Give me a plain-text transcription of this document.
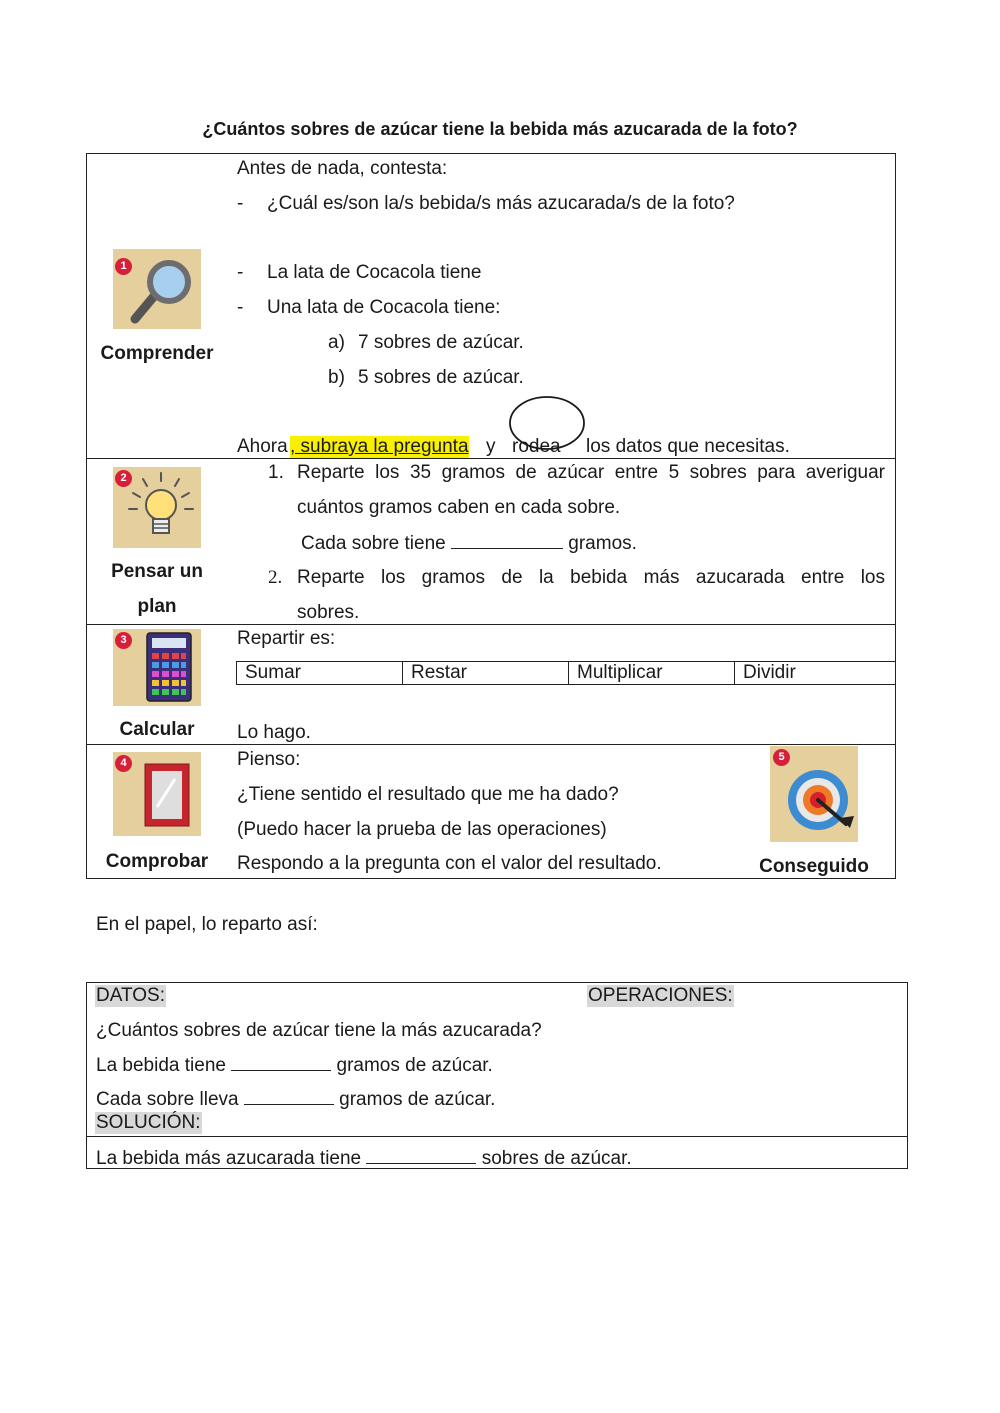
¿Cuántos sobres de azúcar tiene la bebida más azucarada de la foto?
1
Comprender
Antes de nada, contesta:
- ¿Cuál es/son la/s bebida/s más azucarada/s de la foto?
- La lata de Cocacola tiene
- Una lata de Cocacola tiene:
a) 7 sobres de azúcar.
b) 5 sobres de azúcar.
Ahora , subraya la pregunta y rodea los datos que necesitas.
2
Pensar un
plan
1. Reparte los 35 gramos de azúcar entre 5 sobres para averiguar
cuántos gramos caben en cada sobre.
Cada sobre tiene	gramos.
2. Reparte los gramos de la bebida más azucarada entre los
sobres.
3
Calcular
Repartir es:
Sumar	Restar	Multiplicar	Dividir
Lo hago.
4
Comprobar
Pienso:
¿Tiene sentido el resultado que me ha dado?
(Puedo hacer la prueba de las operaciones)
Respondo a la pregunta con el valor del resultado.
5
Conseguido
En el papel, lo reparto así:
DATOS:	OPERACIONES:
¿Cuántos sobres de azúcar tiene la más azucarada?
La bebida tiene	gramos de azúcar.
Cada sobre lleva	gramos de azúcar.
SOLUCIÓN:
La bebida más azucarada tiene	sobres de azúcar.
